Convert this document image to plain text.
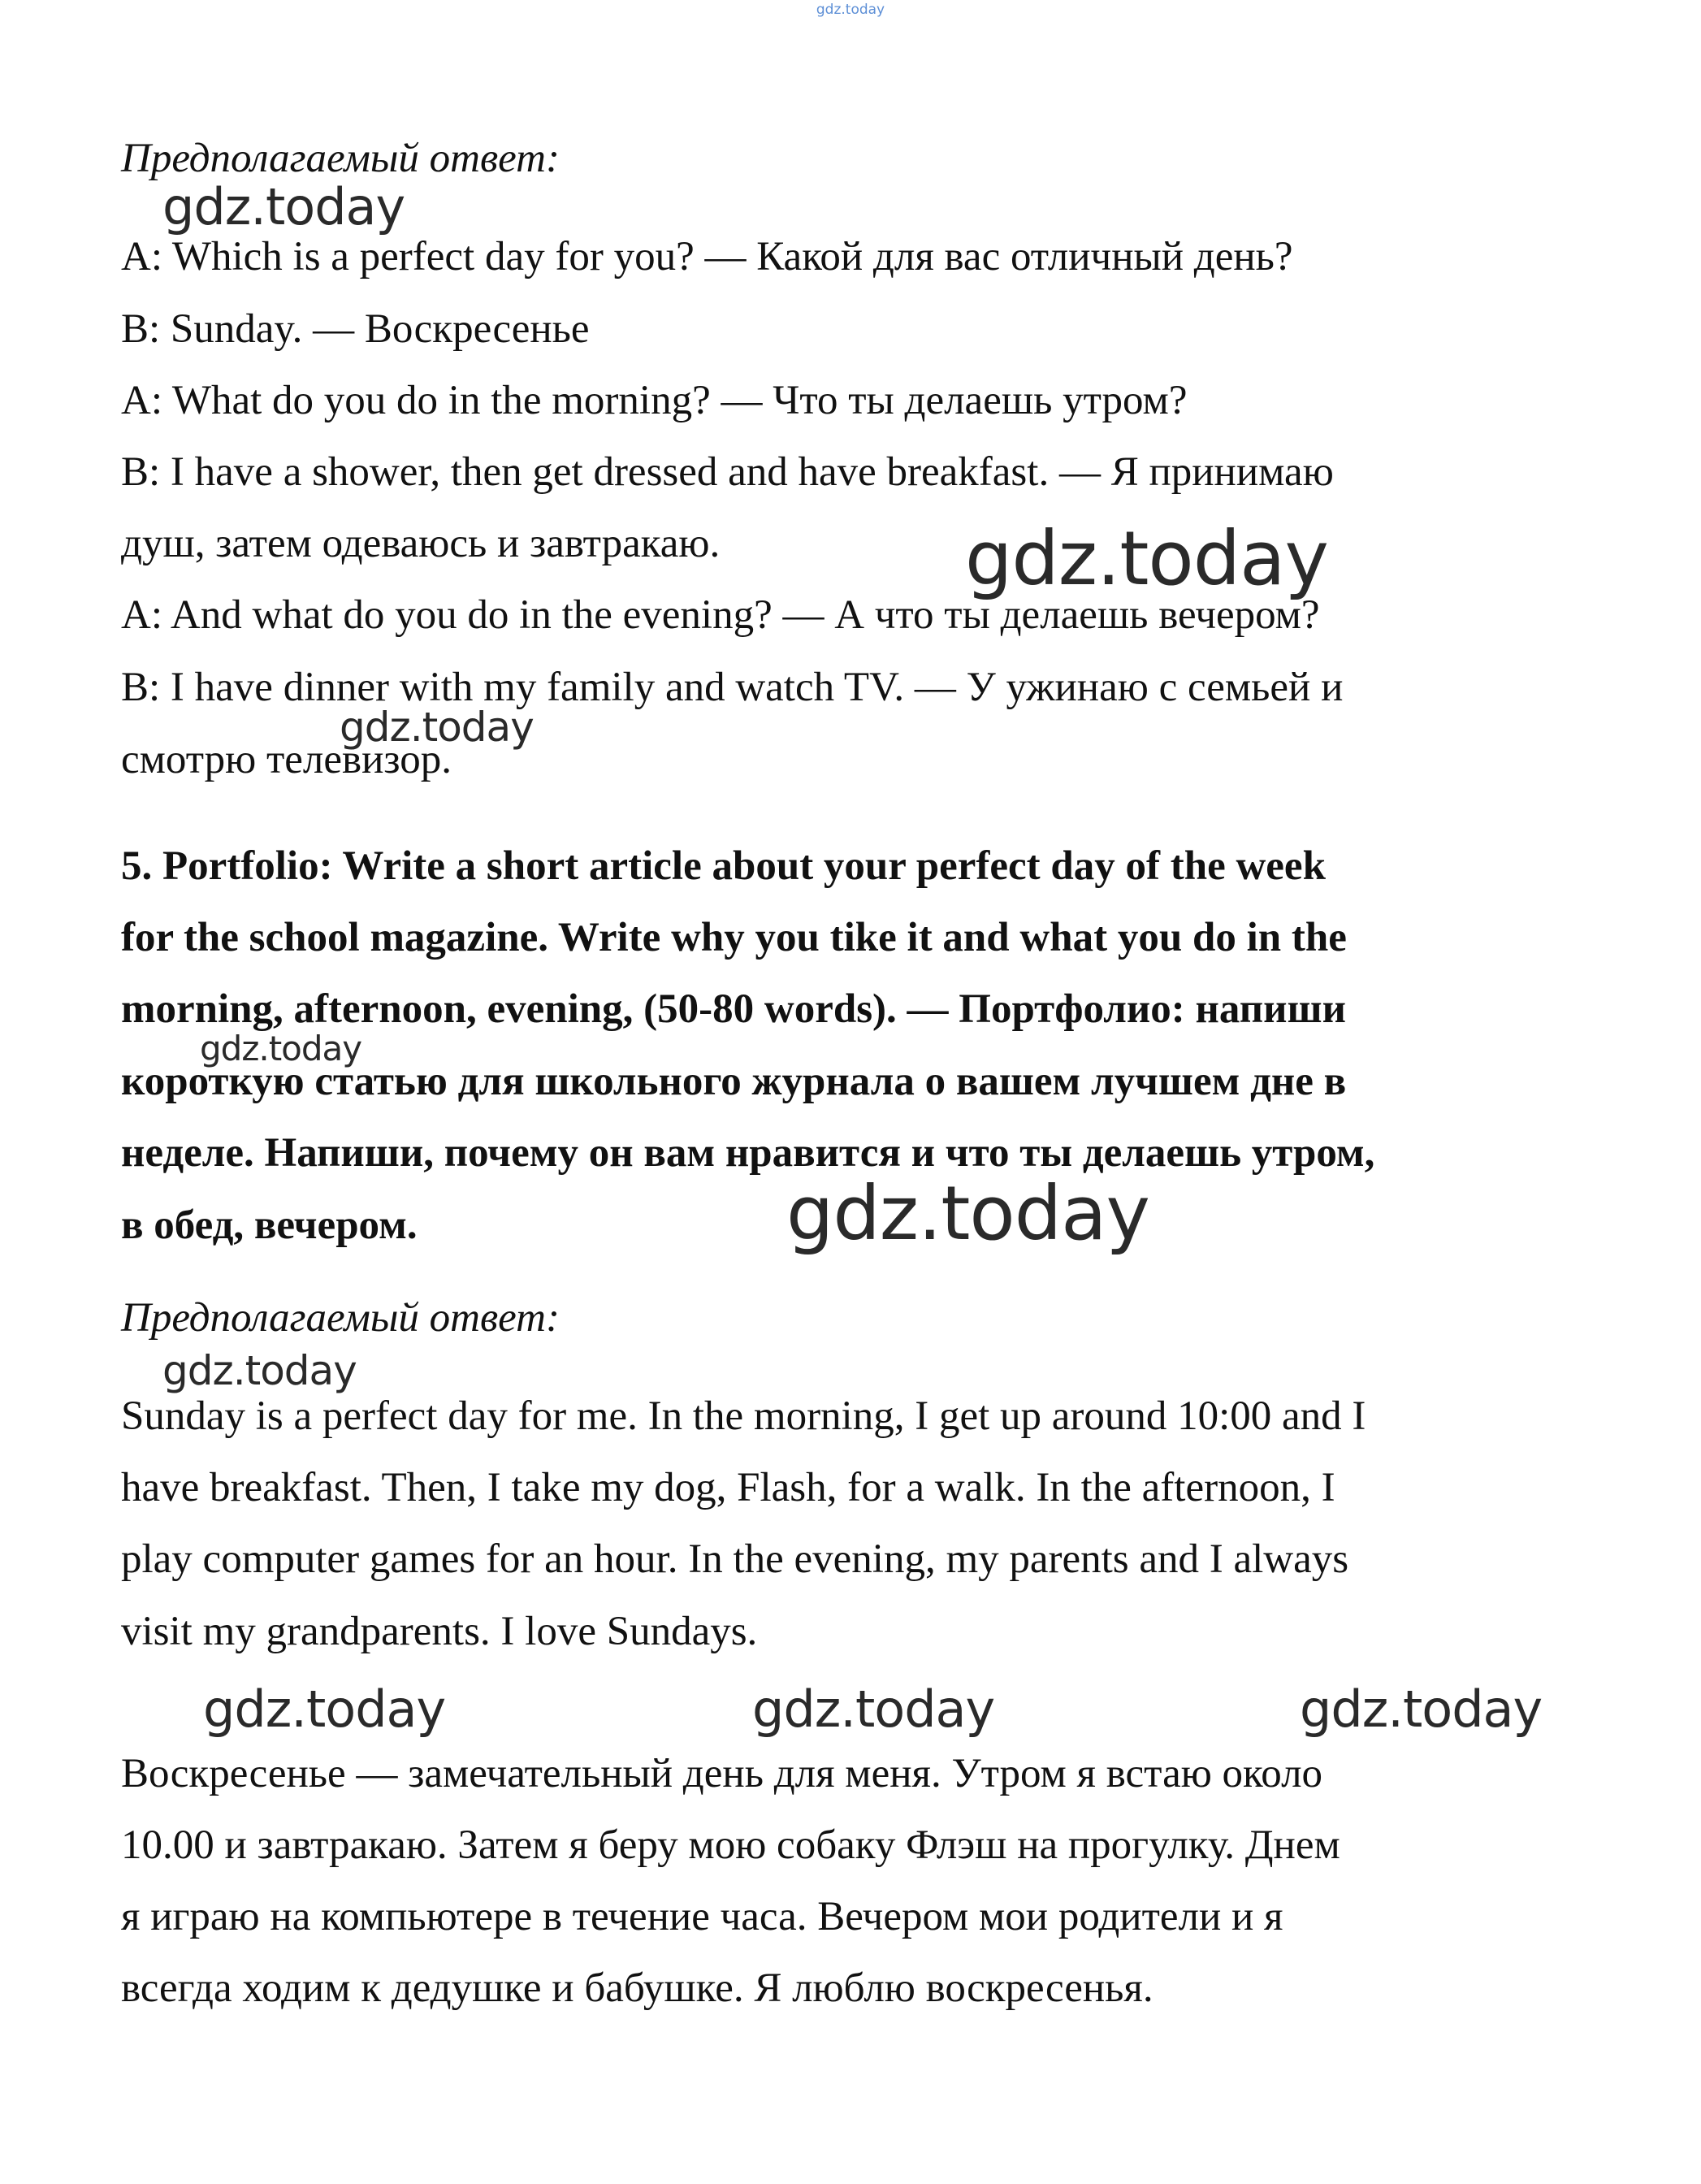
gdz.today
Предполагаемый ответ:
A: Which is a perfect day for you? — Какой для вас отличный день?
B: Sunday. — Воскресенье
A: What do you do in the morning? — Что ты делаешь утром?
B: I have a shower, then get dressed and have breakfast. — Я принимаю
душ, затем одеваюсь и завтракаю.
A: And what do you do in the evening? — А что ты делаешь вечером?
B: I have dinner with my family and watch TV. — У ужинаю с семьей и
смотрю телевизор.
5. Portfolio: Write a short article about your perfect day of the week
for the school magazine. Write why you tike it and what you do in the
morning, afternoon, evening, (50-80 words). — Портфолио: напиши
короткую статью для школьного журнала о вашем лучшем дне в
неделе. Напиши, почему он вам нравится и что ты делаешь утром,
в обед, вечером.
Предполагаемый ответ:
Sunday is a perfect day for me. In the morning, I get up around 10:00 and I
have breakfast. Then, I take my dog, Flash, for a walk. In the afternoon, I
play computer games for an hour. In the evening, my parents and I always
visit my grandparents. I love Sundays.
Воскресенье — замечательный день для меня. Утром я встаю около
10.00 и завтракаю. Затем я беру мою собаку Флэш на прогулку. Днем
я играю на компьютере в течение часа. Вечером мои родители и я
всегда ходим к дедушке и бабушке. Я люблю воскресенья.
gdz.today
gdz.today
gdz.today
gdz.today
gdz.today
gdz.today
gdz.today	gdz.today	gdz.today
